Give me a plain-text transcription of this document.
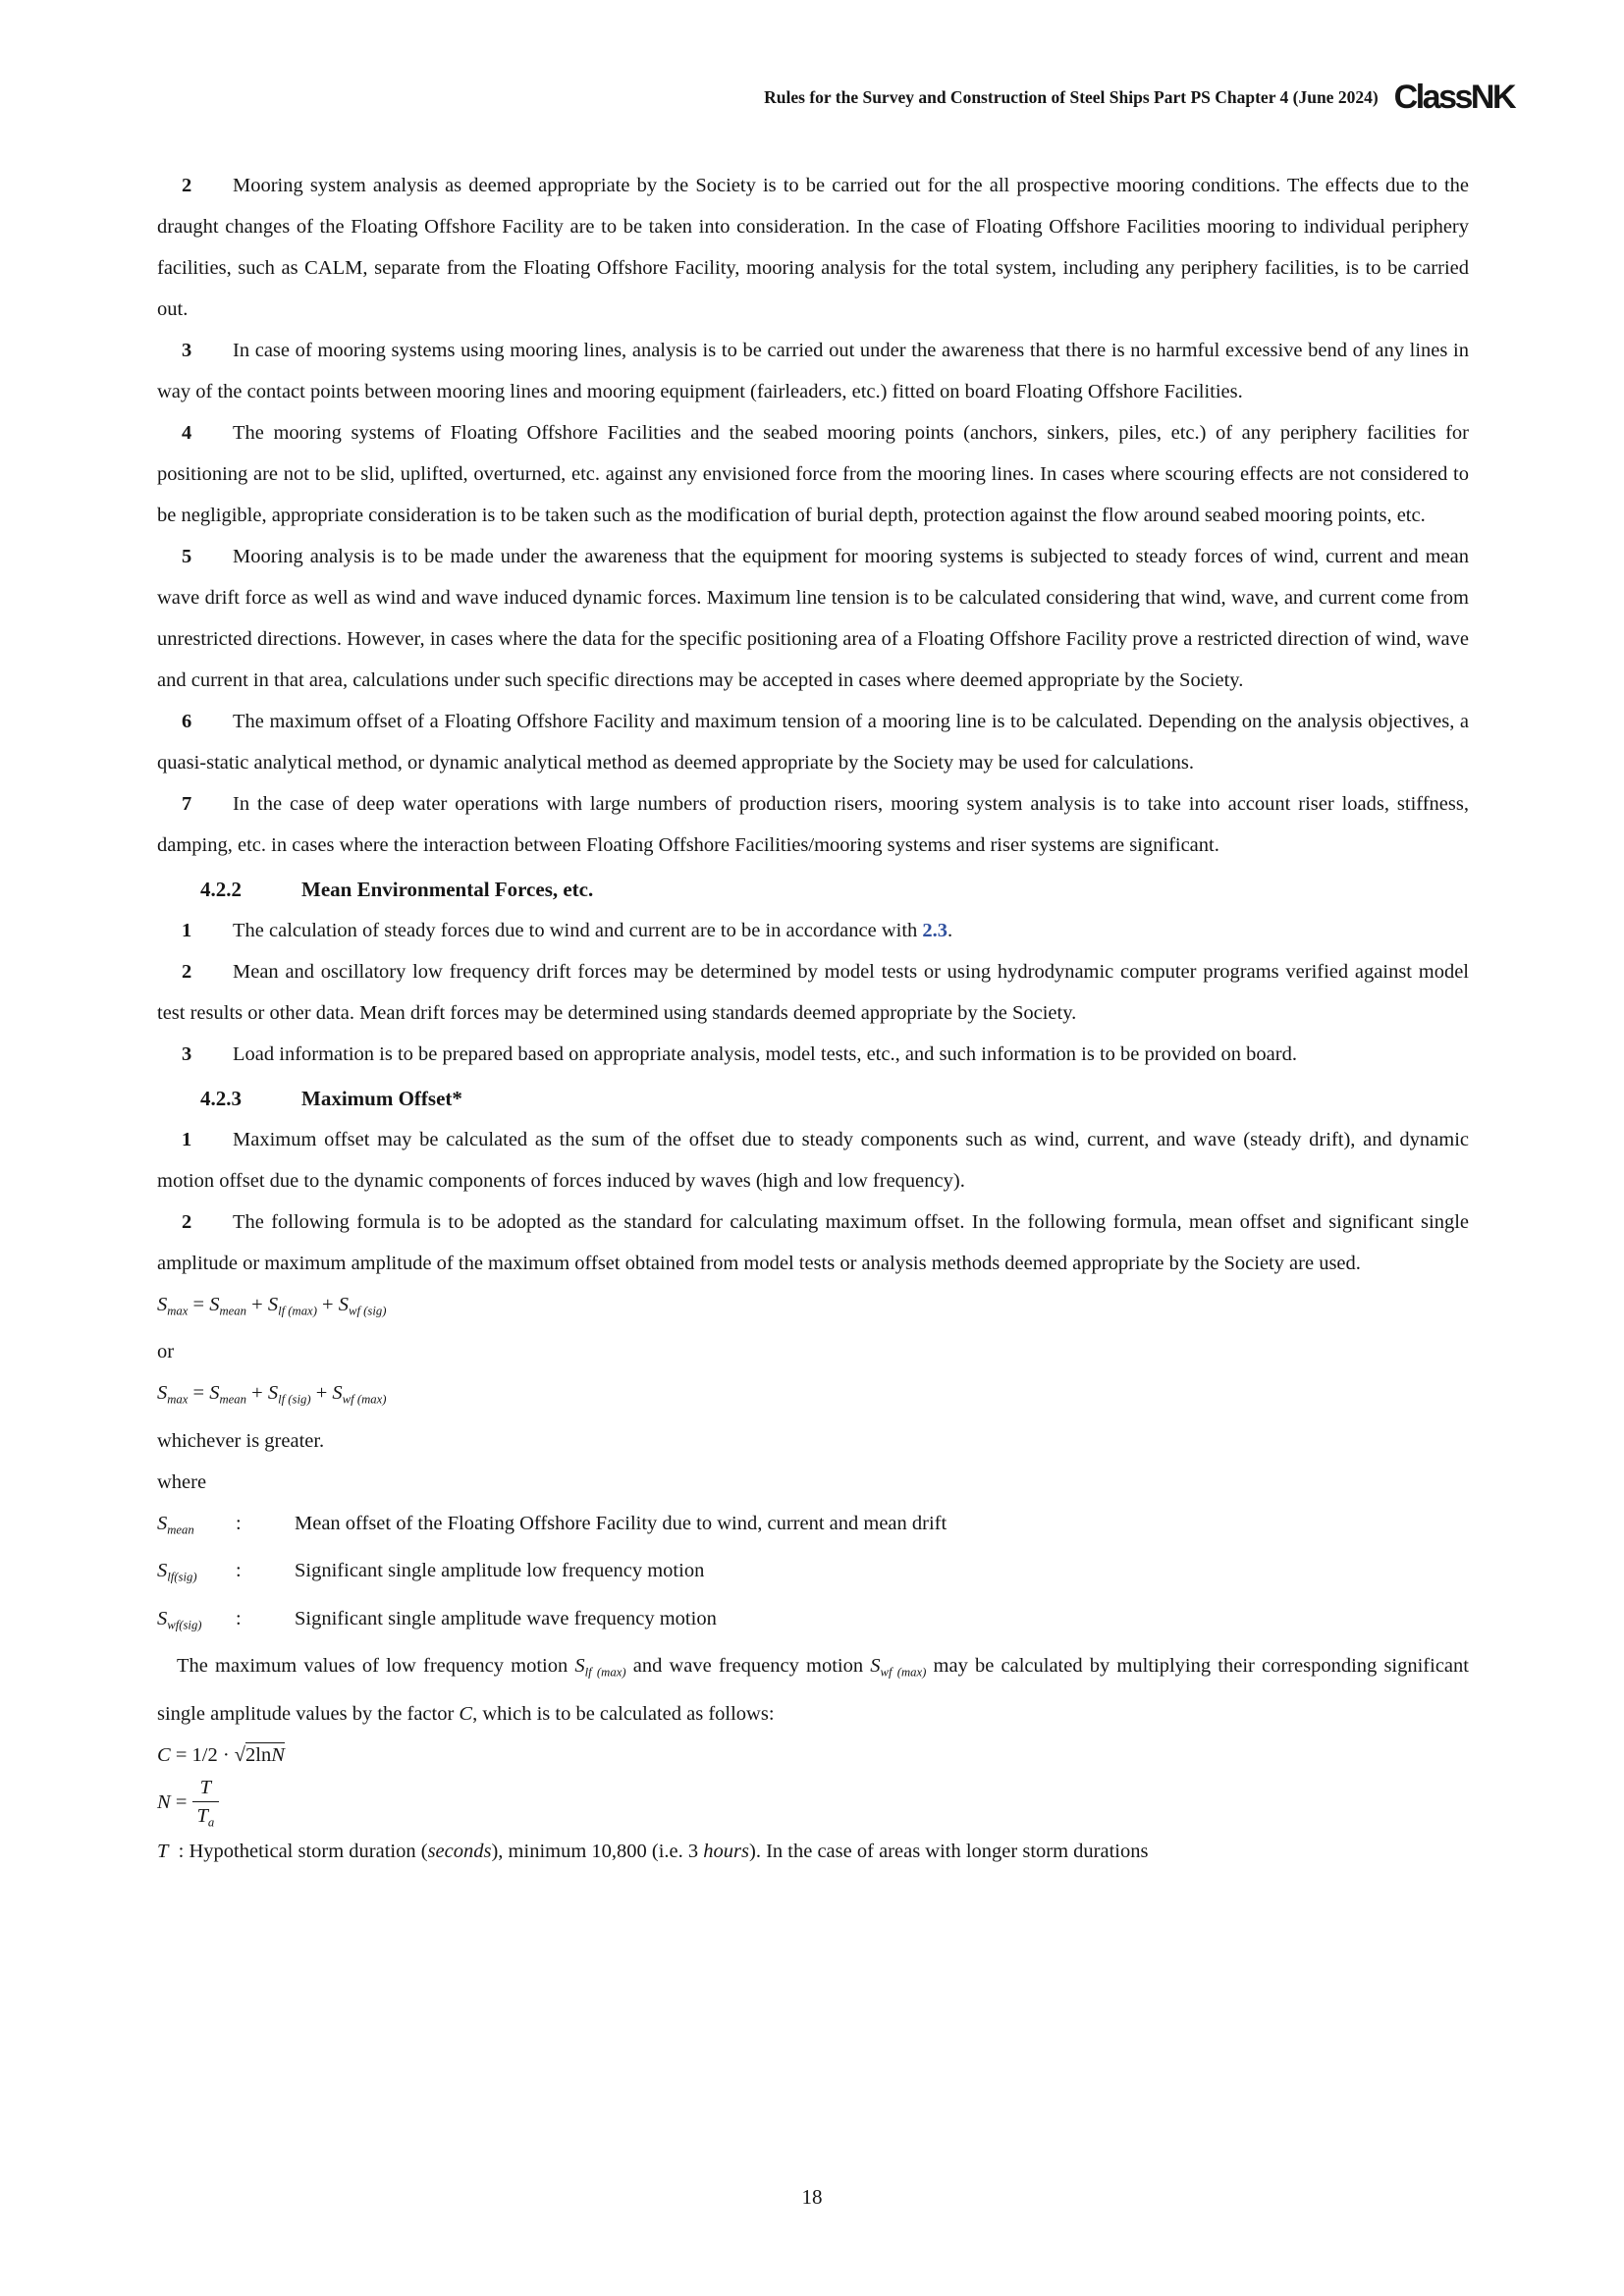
Rules for the Survey and Construction of Steel Ships Part PS Chapter 4 (June 2024) ClassNK

2 Mooring system analysis as deemed appropriate by the Society is to be carried out for the all prospective mooring conditions. The effects due to the draught changes of the Floating Offshore Facility are to be taken into consideration. In the case of Floating Offshore Facilities mooring to individual periphery facilities, such as CALM, separate from the Floating Offshore Facility, mooring analysis for the total system, including any periphery facilities, is to be carried out.

3 In case of mooring systems using mooring lines, analysis is to be carried out under the awareness that there is no harmful excessive bend of any lines in way of the contact points between mooring lines and mooring equipment (fairleaders, etc.) fitted on board Floating Offshore Facilities.

4 The mooring systems of Floating Offshore Facilities and the seabed mooring points (anchors, sinkers, piles, etc.) of any periphery facilities for positioning are not to be slid, uplifted, overturned, etc. against any envisioned force from the mooring lines. In cases where scouring effects are not considered to be negligible, appropriate consideration is to be taken such as the modification of burial depth, protection against the flow around seabed mooring points, etc.

5 Mooring analysis is to be made under the awareness that the equipment for mooring systems is subjected to steady forces of wind, current and mean wave drift force as well as wind and wave induced dynamic forces. Maximum line tension is to be calculated considering that wind, wave, and current come from unrestricted directions. However, in cases where the data for the specific positioning area of a Floating Offshore Facility prove a restricted direction of wind, wave and current in that area, calculations under such specific directions may be accepted in cases where deemed appropriate by the Society.

6 The maximum offset of a Floating Offshore Facility and maximum tension of a mooring line is to be calculated. Depending on the analysis objectives, a quasi-static analytical method, or dynamic analytical method as deemed appropriate by the Society may be used for calculations.

7 In the case of deep water operations with large numbers of production risers, mooring system analysis is to take into account riser loads, stiffness, damping, etc. in cases where the interaction between Floating Offshore Facilities/mooring systems and riser systems are significant.

4.2.2	Mean Environmental Forces, etc.

1 The calculation of steady forces due to wind and current are to be in accordance with 2.3.

2 Mean and oscillatory low frequency drift forces may be determined by model tests or using hydrodynamic computer programs verified against model test results or other data. Mean drift forces may be determined using standards deemed appropriate by the Society.

3 Load information is to be prepared based on appropriate analysis, model tests, etc., and such information is to be provided on board.

4.2.3	Maximum Offset*

1 Maximum offset may be calculated as the sum of the offset due to steady components such as wind, current, and wave (steady drift), and dynamic motion offset due to the dynamic components of forces induced by waves (high and low frequency).

2 The following formula is to be adopted as the standard for calculating maximum offset. In the following formula, mean offset and significant single amplitude or maximum amplitude of the maximum offset obtained from model tests or analysis methods deemed appropriate by the Society are used.

$S_{max} = S_{mean} + S_{lf (max)} + S_{wf (sig)}$

or

$S_{max} = S_{mean} + S_{lf (sig)} + S_{wf (max)}$

whichever is greater.

where

$S_{mean}$ :	Mean offset of the Floating Offshore Facility due to wind, current and mean drift

$S_{lf(sig)}$ :	Significant single amplitude low frequency motion

$S_{wf(sig)}$ :	Significant single amplitude wave frequency motion

The maximum values of low frequency motion $S_{lf (max)}$ and wave frequency motion $S_{wf (max)}$ may be calculated by multiplying their corresponding significant single amplitude values by the factor C, which is to be calculated as follows:

C = 1/2 · √2lnN

$N = \frac{T}{T_a}$

T  : Hypothetical storm duration (seconds), minimum 10,800 (i.e. 3 hours). In the case of areas with longer storm durations

18
